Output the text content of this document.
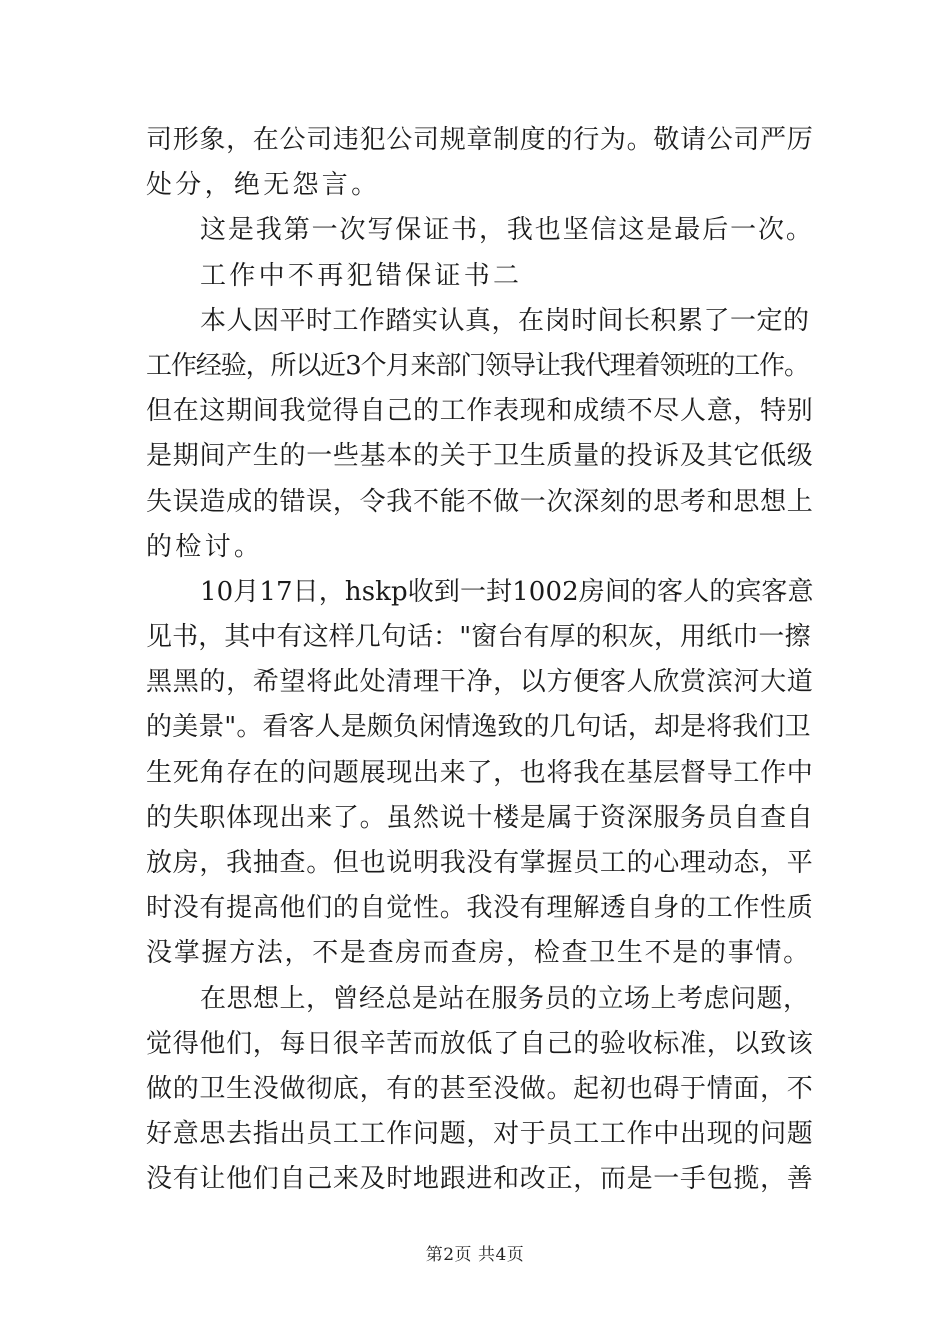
司形象，在公司违犯公司规章制度的行为。敬请公司严厉
处分，绝无怨言。
这是我第一次写保证书，我也坚信这是最后一次。
工作中不再犯错保证书二
本人因平时工作踏实认真，在岗时间长积累了一定的
工作经验，所以近3个月来部门领导让我代理着领班的工作。
但在这期间我觉得自己的工作表现和成绩不尽人意，特别
是期间产生的一些基本的关于卫生质量的投诉及其它低级
失误造成的错误，令我不能不做一次深刻的思考和思想上
的检讨。
10月17日，hskp收到一封1002房间的客人的宾客意
见书，其中有这样几句话："窗台有厚的积灰，用纸巾一擦
黑黑的，希望将此处清理干净，以方便客人欣赏滨河大道
的美景"。看客人是颇负闲情逸致的几句话，却是将我们卫
生死角存在的问题展现出来了，也将我在基层督导工作中
的失职体现出来了。虽然说十楼是属于资深服务员自查自
放房，我抽查。但也说明我没有掌握员工的心理动态，平
时没有提高他们的自觉性。我没有理解透自身的工作性质
没掌握方法，不是查房而查房，检查卫生不是的事情。
在思想上，曾经总是站在服务员的立场上考虑问题，
觉得他们，每日很辛苦而放低了自己的验收标准，以致该
做的卫生没做彻底，有的甚至没做。起初也碍于情面，不
好意思去指出员工工作问题，对于员工工作中出现的问题
没有让他们自己来及时地跟进和改正，而是一手包揽，善
第2页 共4页
